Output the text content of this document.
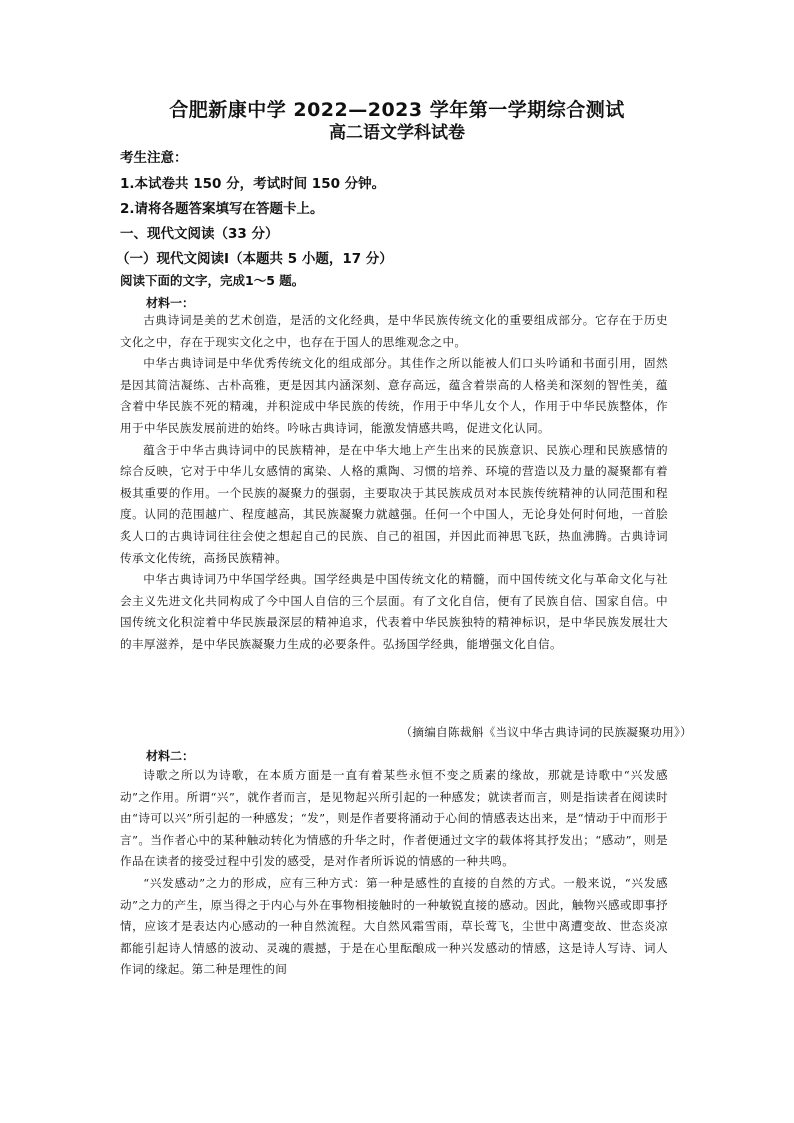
合肥新康中学 2022—2023 学年第一学期综合测试
高二语文学科试卷
考生注意：
1.本试卷共 150 分，考试时间 150 分钟。
2.请将各题答案填写在答题卡上。
一、现代文阅读（33 分）
（一）现代文阅读Ⅰ（本题共 5 小题，17 分）
阅读下面的文字，完成1～5 题。
材料一：

古典诗词是美的艺术创造，是活的文化经典，是中华民族传统文化的重要组成部分。它存在于历史文化之中，存在于现实文化之中，也存在于国人的思维观念之中。

中华古典诗词是中华优秀传统文化的组成部分。其佳作之所以能被人们口头吟诵和书面引用，固然是因其简洁凝练、古朴高雅，更是因其内涵深刻、意存高远，蕴含着崇高的人格美和深刻的智性美，蕴含着中华民族不死的精魂，并积淀成中华民族的传统，作用于中华儿女个人，作用于中华民族整体，作用于中华民族发展前进的始终。吟咏古典诗词，能激发情感共鸣，促进文化认同。

蕴含于中华古典诗词中的民族精神，是在中华大地上产生出来的民族意识、民族心理和民族感情的综合反映，它对于中华儿女感情的寓染、人格的熏陶、习惯的培养、环境的营造以及力量的凝聚都有着极其重要的作用。一个民族的凝聚力的强弱，主要取决于其民族成员对本民族传统精神的认同范围和程度。认同的范围越广、程度越高，其民族凝聚力就越强。任何一个中国人，无论身处何时何地，一首脍炙人口的古典诗词往往会使之想起自己的民族、自己的祖国，并因此而神思飞跃，热血沸腾。古典诗词传承文化传统，高扬民族精神。

中华古典诗词乃中华国学经典。国学经典是中国传统文化的精髓，而中国传统文化与革命文化与社会主义先进文化共同构成了今中国人自信的三个层面。有了文化自信，便有了民族自信、国家自信。中国传统文化积淀着中华民族最深层的精神追求，代表着中华民族独特的精神标识，是中华民族发展壮大的丰厚滋养，是中华民族凝聚力生成的必要条件。弘扬国学经典，能增强文化自信。

（摘编自陈裁斛《当议中华古典诗词的民族凝聚功用》）
材料二：

诗歌之所以为诗歌，在本质方面是一直有着某些永恒不变之质素的缘故，那就是诗歌中“兴发感动”之作用。所谓“兴”，就作者而言，是见物起兴所引起的一种感发；就读者而言，则是指读者在阅读时由“诗可以兴”所引起的一种感发；“发”，则是作者要将涌动于心间的情感表达出来，是“情动于中而形于言”。当作者心中的某种触动转化为情感的升华之时，作者便通过文字的载体将其抒发出；“感动”，则是作品在读者的接受过程中引发的感受，是对作者所诉说的情感的一种共鸣。

“兴发感动”之力的形成，应有三种方式：第一种是感性的直接的自然的方式。一般来说，“兴发感动”之力的产生，原当得之于内心与外在事物相接触时的一种敏锐直接的感动。因此，触物兴感或即事抒情，应该才是表达内心感动的一种自然流程。大自然风霜雪雨，草长莺飞，尘世中离遭变故、世态炎凉都能引起诗人情感的波动、灵魂的震撼，于是在心里酝酿成一种兴发感动的情感，这是诗人写诗、词人作词的缘起。第二种是理性的间
